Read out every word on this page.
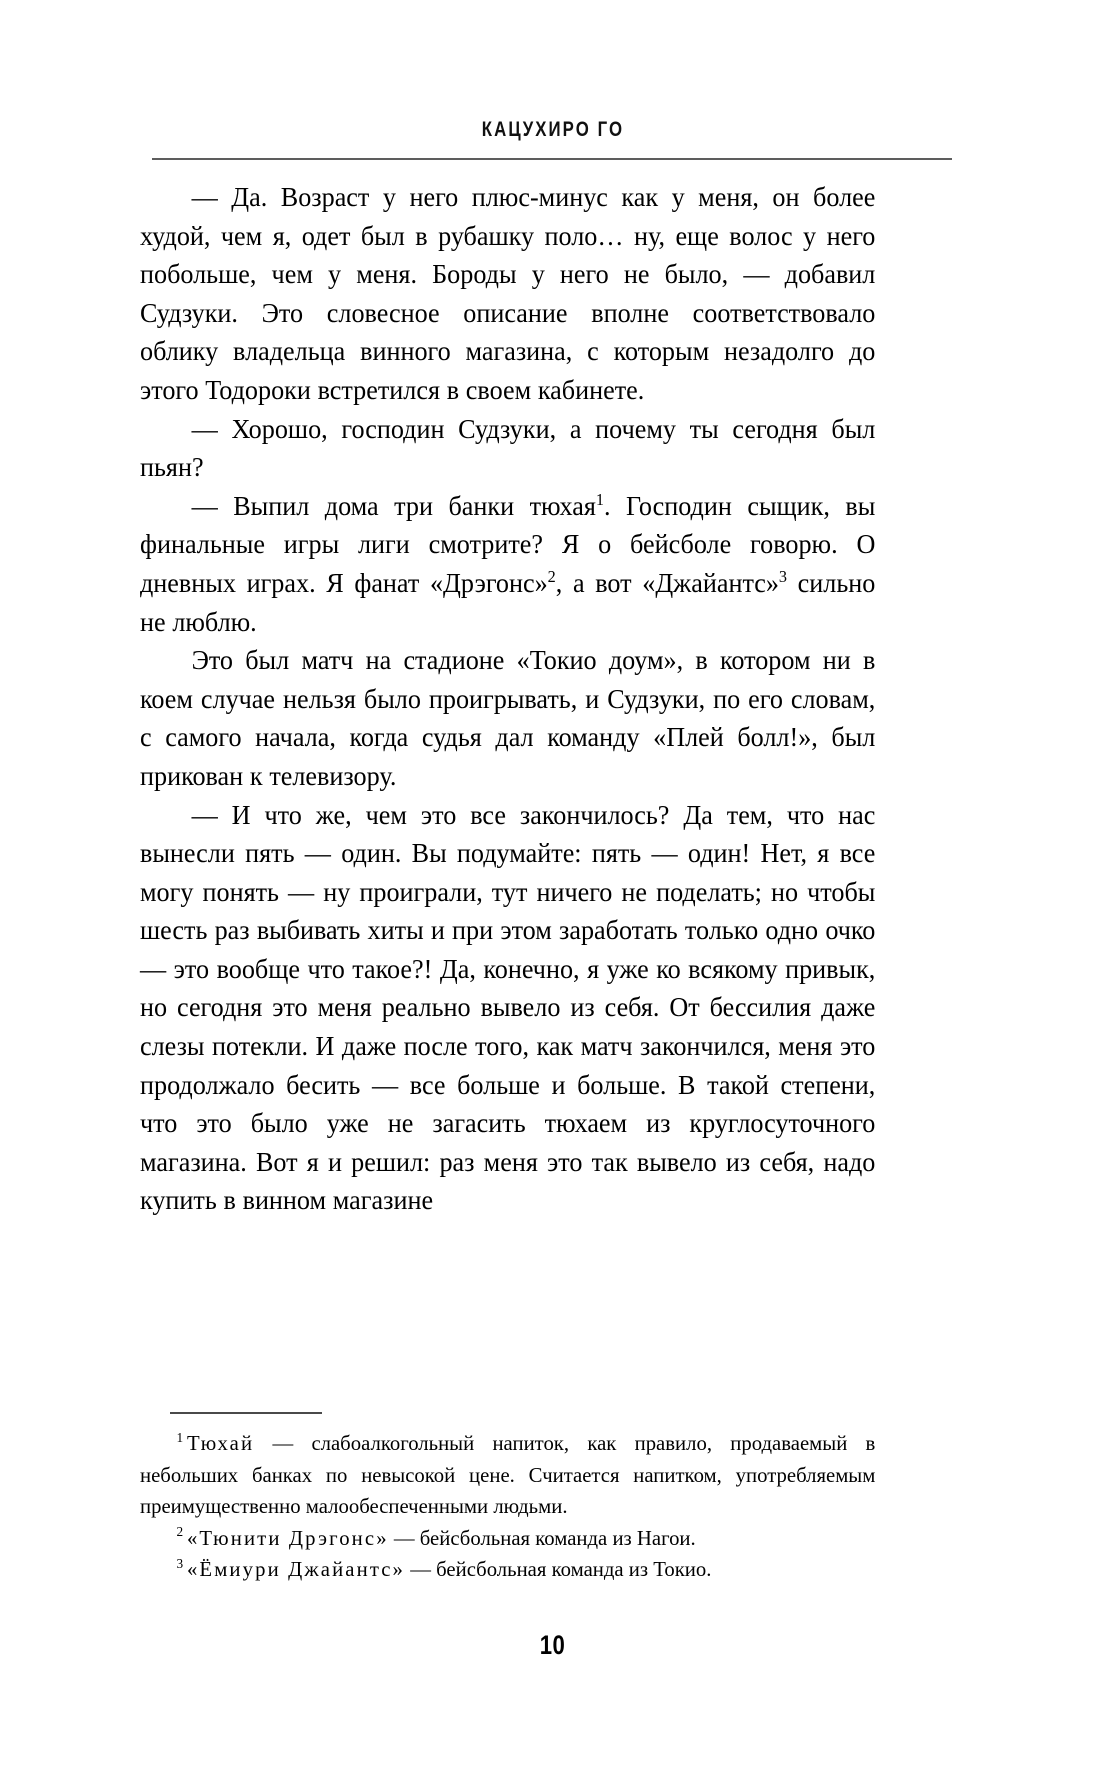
КАЦУХИРО ГО

— Да. Возраст у него плюс-минус как у меня, он более худой, чем я, одет был в рубашку поло… ну, еще волос у него побольше, чем у меня. Бороды у него не было, — добавил Судзуки. Это словесное описание вполне соответствовало облику владельца винного магазина, с которым незадолго до этого Тодороки встретился в своем кабинете.

— Хорошо, господин Судзуки, а почему ты сегодня был пьян?

— Выпил дома три банки тюхая$^1$. Господин сыщик, вы финальные игры лиги смотрите? Я о бейсболе говорю. О дневных играх. Я фанат «Дрэгонс»$^2$, а вот «Джайантс»$^3$ сильно не люблю.

Это был матч на стадионе «Токио доум», в котором ни в коем случае нельзя было проигрывать, и Судзуки, по его словам, с самого начала, когда судья дал команду «Плей болл!», был прикован к телевизору.

— И что же, чем это все закончилось? Да тем, что нас вынесли пять — один. Вы подумайте: пять — один! Нет, я все могу понять — ну проиграли, тут ничего не поделать; но чтобы шесть раз выбивать хиты и при этом заработать только одно очко — это вообще что такое?! Да, конечно, я уже ко всякому привык, но сегодня это меня реально вывело из себя. От бессилия даже слезы потекли. И даже после того, как матч закончился, меня это продолжало бесить — все больше и больше. В такой степени, что это было уже не загасить тюхаем из круглосуточного магазина. Вот я и решил: раз меня это так вывело из себя, надо купить в винном магазине

$^1$ Тюхай — слабоалкогольный напиток, как правило, продаваемый в небольших банках по невысокой цене. Считается напитком, употребляемым преимущественно малообеспеченными людьми.

$^2$ «Тюнити Дрэгонс» — бейсбольная команда из Нагои.

$^3$ «Ёмиури Джайантс» — бейсбольная команда из Токио.

10
